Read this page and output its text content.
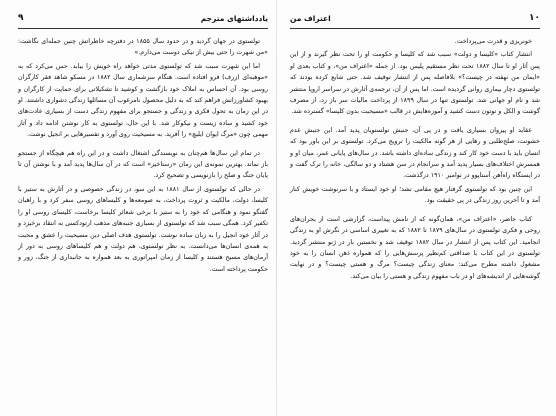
یادداشتهای مترجم
۹

تولستوی در جهان گردید و در حدود سال ۱۸۵۵ در دفترچه خاطراتش چنین جمله‌ای نگاشت: «من شهرت را حتی بیش از نیکی دوست می‌دارم.»

اما این شهرت سبب شد که تولستوی مدتی خواهد راه خویش را بیابد. حس می‌کرد که به «موهبه‌ای (زرف) فرو افتاده است. هنگام سرشماری سال ۱۸۸۲ در مسکو شاهد فقر کارگران روسی بود. آن احساس به املاک خود بازگشت و کوشید تا تشکیلاتی برای حمایت از کارگران و بهبود کشاورزانش فراهم کند که به دلیل محصول نامرغوب آن مسائلها زندگی دشواری داشتند. او در این زمان به تحول فکری و زندگی و جستجو برای مفهوم زندگی دست از بسیاری عادت‌های خود کشید و ساده زیست و نیکوکار شد. با این حال، تولستوی به کار نوشتن ادامه داد و آثار مهمی چون «مرگ ایوان ایلیچ» را آفرید. به مسیحیت روی آورد و تفسیرهایی بر انجیل نوشت.

در تمام این سال‌ها هم‌چنان به نویسندگی اشتغال داشت و در این راه هم هیچگاه از جستجو باز نماند. بهترین نمونه‌ی این رمان «رستاخیز» است که در آن سال‌ها پدید آمد و با نوشتن آن تا پایان جنگ و صلح را بازنویسی و تصحیح کرد.

در حالی که تولستوی از سال ۱۸۸۱ به این سو، در زندگی خصوصی و در آثارش به ستیز با کلیسا، دولت، مالکیت و ثروت پرداخت، به صومعه‌ها و کلیساهای روسی سفر کرد و با راهبان گفتگو نمود و هنگامی که خود را به ستیز با برخی شعائر کلیسا برخاست، کلیسای روسی او را تکفیر کرد. همگی سبب شد که تولستوی از بسیاری جنبه‌های مذهب ارتودکسی به انتقاد برخیزد و در آثار خود انجیل را به زبان ساده نوشت. تولستوی هدف اصلی دین مسیحیت را عشق و محبت به همه‌ی انسان‌ها می‌دانست. به نظر تولستوی، هم دولت و هم کلیساهای روسی به دور از آرمان‌های مسیح هستند و کلیسا از زمان امپراتوری به بعد همواره به جانبداری از جنگ، زور و حکومت پرداخته است.

۱۰
اعتراف من

خونریزی و قدرت می‌پرداخت.

انتشار کتاب «کلیسا و دولت» سبب شد که کلیسا و حکومت او را تحت نظر گیرند و از این پس آثار او تا سال ۱۸۸۲ تحت نظر مستقیم پلیس بود. از جمله «اعتراف من»، و کتاب بعدی او «ایمان من نهفته در چیست؟» بلافاصله پس از انتشار توقیف شد. حتی شایع کرده بودند که تولستوی دچار بیماری روانی گردیده است. اما پس از آن، ترجمه‌ی آثارش در سراسر اروپا منتشر شد و نام او جهانی شد. تولستوی تنها در سال ۱۸۹۹ از پرداخت مالیات سر باز زد، از مصرف گوشت و الکل و توتون دست کشید و آموزه‌هایش در قالب «مسیحیت بدون کلیسا» گسترده شد.

عقاید او پیروان بسیاری یافت و در پی آن، جنبش تولستویان پدید آمد. این جنبش عدم خشونت، صلح‌طلبی و رهایی از هر گونه مالکیت را ترویج می‌کرد. تولستوی بر این باور بود که انسان باید با دست خود کار کند و زندگی ساده‌ای داشته باشد. در سال‌های پایانی عمر، میان او و همسرش اختلاف‌های بسیار پدید آمد و سرانجام در سن هشتاد و دو سالگی، خانه را ترک گفت و در ایستگاه راه‌آهن آستاپوو در نوامبر ۱۹۱۰ درگذشت.

این چنین بود که تولستوی گرفتار هیچ مقامی نشد؛ او خود ایستاد و با سرنوشت خویش کنار آمد و تا آخرین روز زندگی در پی حقیقت بود.

کتاب حاضر، «اعتراف من»، همان‌گونه که از نامش پیداست، گزارشی است از بحران‌های روحی و فکری تولستوی در سال‌های ۱۸۷۹ تا ۱۸۸۲ که به تغییری اساسی در نگرش او به زندگی انجامید. این کتاب پس از انتشار در سال ۱۸۸۲ توقیف شد و نخستین بار در ژنو منتشر گردید. تولستوی در این کتاب با صداقتی کم‌نظیر پرسش‌هایی را که همواره ذهن انسان را به خود مشغول داشته مطرح می‌کند: معنای زندگی چیست؟ مرگ و هستی چیست؟ و در نهایت گوشه‌هایی از اندیشه‌های او در باب مفهوم زندگی و هستی را بیان می‌کند.
